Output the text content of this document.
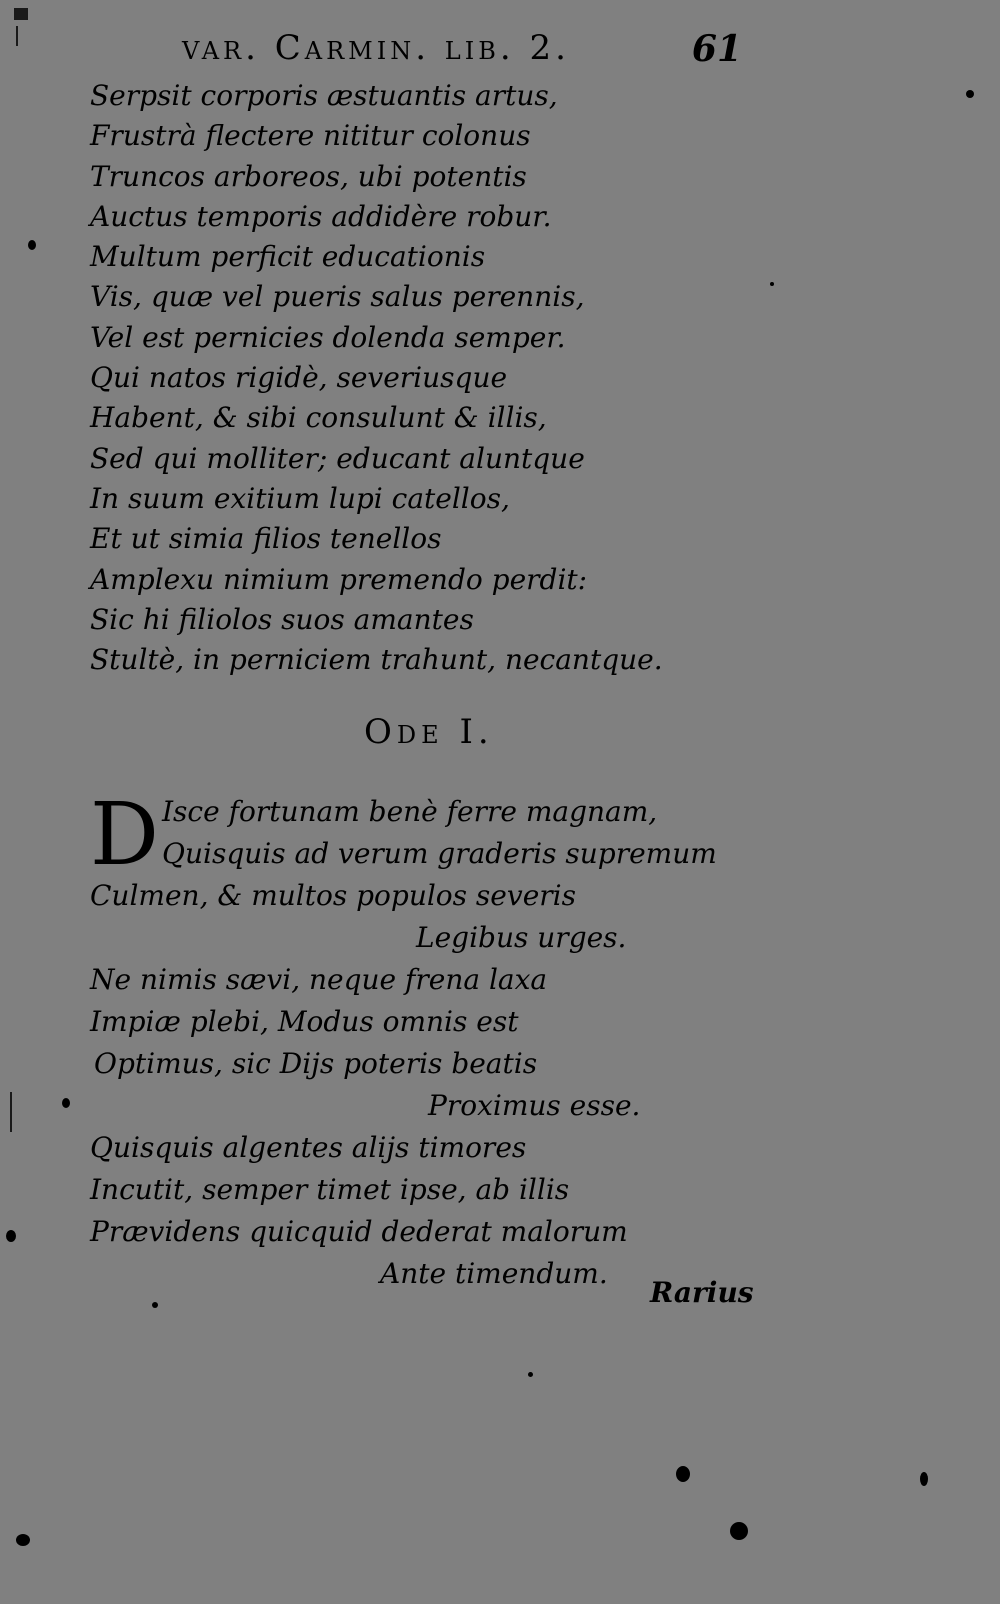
var. Carmin. lib. 2.	61
Serpsit corporis æstuantis artus,
Frustrà flectere nititur colonus
Truncos arboreos, ubi potentis
Auctus temporis addidère robur.
Multum perficit educationis
Vis, quæ vel pueris salus perennis,
Vel est pernicies dolenda semper.
Qui natos rigidè, severiusque
Habent, & sibi consulunt & illis,
Sed qui molliter; educant aluntque
In suum exitium lupi catellos,
Et ut simia filios tenellos
Amplexu nimium premendo perdit:
Sic hi filiolos suos amantes
Stultè, in perniciem trahunt, necantque.
Ode I.
D Isce fortunam benè ferre magnam,
Quisquis ad verum graderis supremum
Culmen, & multos populos severis
Legibus urges.
Ne nimis sævi, neque frena laxa
Impiæ plebi, Modus omnis est
Optimus, sic Dijs poteris beatis
Proximus esse.
Quisquis algentes alijs timores
Incutit, semper timet ipse, ab illis
Prævidens quicquid dederat malorum
Ante timendum.
Rarius
